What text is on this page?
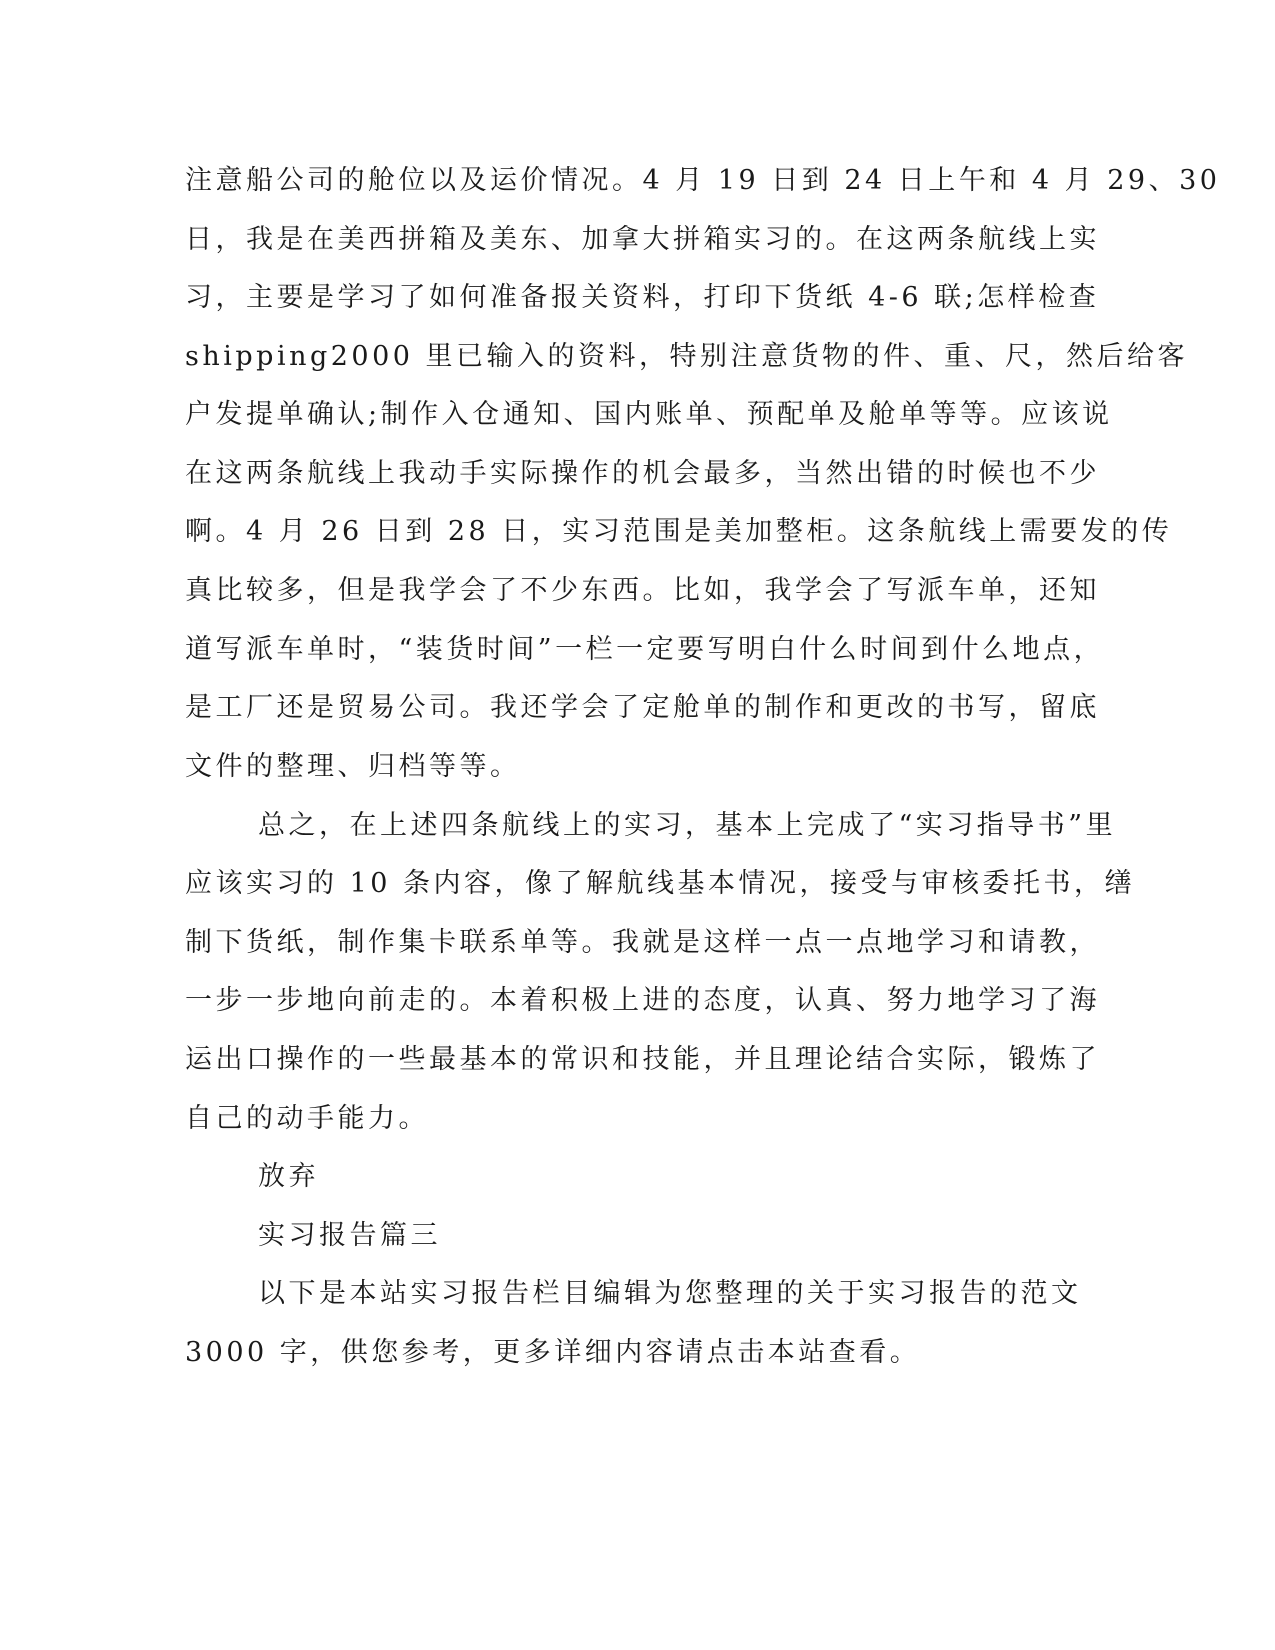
注意船公司的舱位以及运价情况。4 月 19 日到 24 日上午和 4 月 29、30
日，我是在美西拼箱及美东、加拿大拼箱实习的。在这两条航线上实
习，主要是学习了如何准备报关资料，打印下货纸 4-6 联;怎样检查
shipping2000 里已输入的资料，特别注意货物的件、重、尺，然后给客
户发提单确认;制作入仓通知、国内账单、预配单及舱单等等。应该说
在这两条航线上我动手实际操作的机会最多，当然出错的时候也不少
啊。4 月 26 日到 28 日，实习范围是美加整柜。这条航线上需要发的传
真比较多，但是我学会了不少东西。比如，我学会了写派车单，还知
道写派车单时，“装货时间”一栏一定要写明白什么时间到什么地点，
是工厂还是贸易公司。我还学会了定舱单的制作和更改的书写，留底
文件的整理、归档等等。
总之，在上述四条航线上的实习，基本上完成了“实习指导书”里
应该实习的 10 条内容，像了解航线基本情况，接受与审核委托书，缮
制下货纸，制作集卡联系单等。我就是这样一点一点地学习和请教，
一步一步地向前走的。本着积极上进的态度，认真、努力地学习了海
运出口操作的一些最基本的常识和技能，并且理论结合实际，锻炼了
自己的动手能力。
放弃
实习报告篇三
以下是本站实习报告栏目编辑为您整理的关于实习报告的范文
3000 字，供您参考，更多详细内容请点击本站查看。
